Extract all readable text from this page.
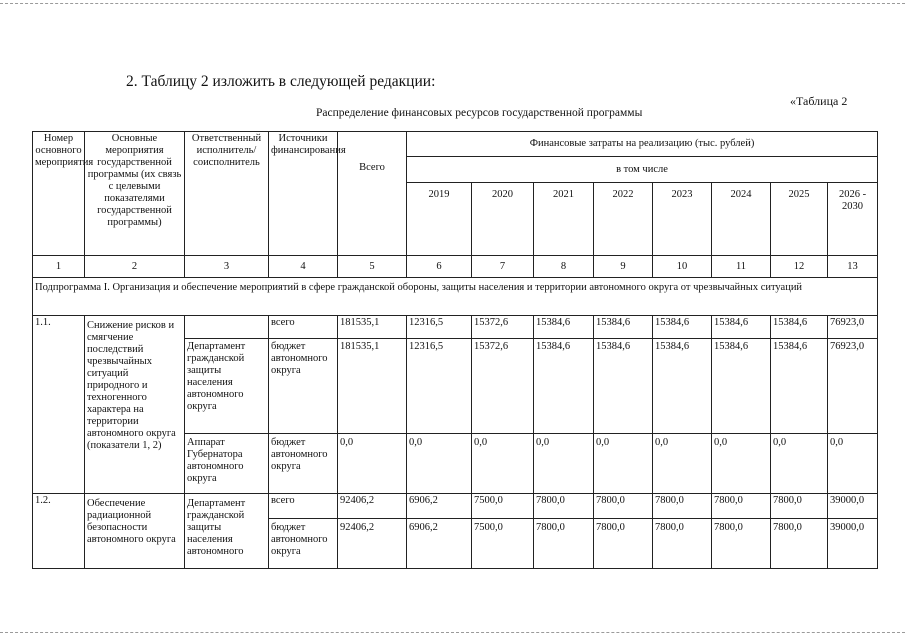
2. Таблицу 2 изложить в следующей редакции:
«Таблица 2
Распределение финансовых ресурсов государственной программы
Номер основного мероприятия	Основные мероприятия государственной программы (их связь с целевыми показателями государственной программы)	Ответственный исполнитель/соисполнитель	Источники финансирования	Всего	Финансовые затраты на реализацию (тыс. рублей)							
					в том числе							
					2019	2020	2021	2022	2023	2024	2025	2026 - 2030
1	2	3	4	5	6	7	8	9	10	11	12	13
Подпрограмма I. Организация и обеспечение мероприятий в сфере гражданской обороны, защиты населения и территории автономного округа от чрезвычайных ситуаций												
1.1.	Снижение рисков и смягчение последствий чрезвычайных ситуаций природного и техногенного характера на территории автономного округа (показатели 1, 2)		всего	181535,1	12316,5	15372,6	15384,6	15384,6	15384,6	15384,6	15384,6	76923,0
		Департамент гражданской защиты населения автономного округа	бюджет автономного округа	181535,1	12316,5	15372,6	15384,6	15384,6	15384,6	15384,6	15384,6	76923,0
		Аппарат Губернатора автономного округа	бюджет автономного округа	0,0	0,0	0,0	0,0	0,0	0,0	0,0	0,0	0,0
1.2.	Обеспечение радиационной безопасности автономного округа	Департамент гражданской защиты населения автономного	всего	92406,2	6906,2	7500,0	7800,0	7800,0	7800,0	7800,0	7800,0	39000,0
			бюджет автономного округа	92406,2	6906,2	7500,0	7800,0	7800,0	7800,0	7800,0	7800,0	39000,0
